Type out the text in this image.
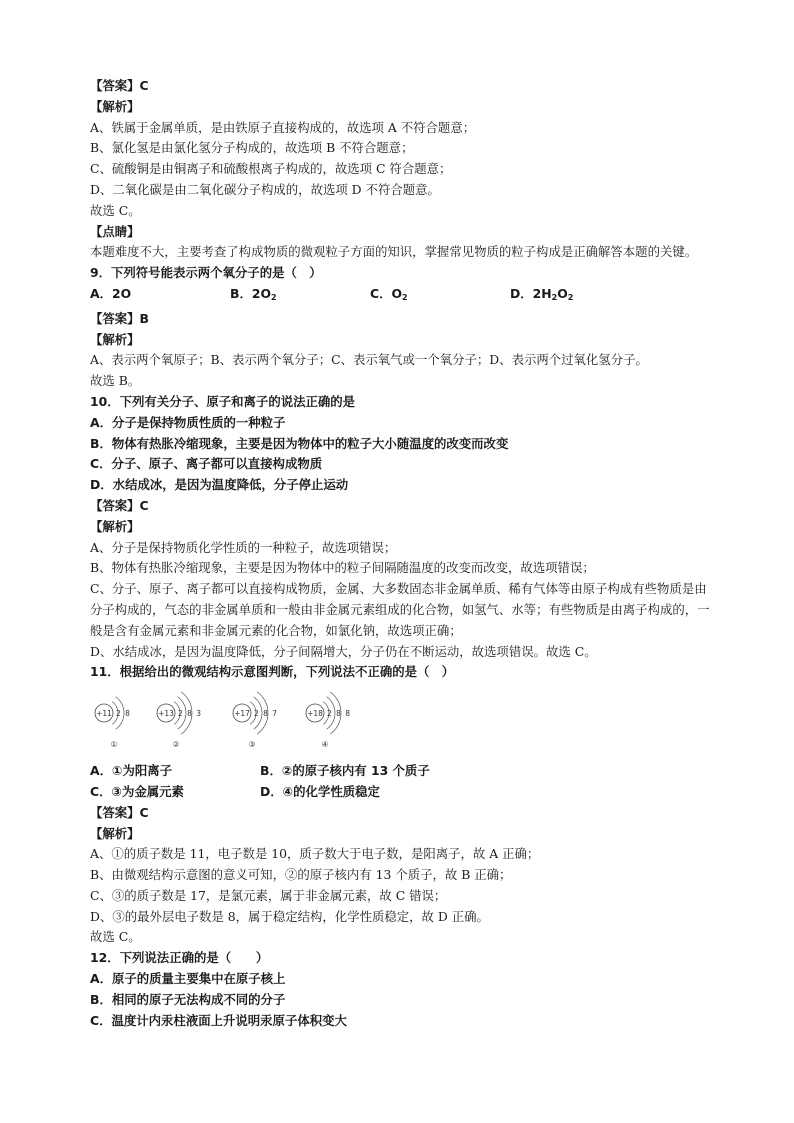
【答案】C
【解析】
A、铁属于金属单质，是由铁原子直接构成的，故选项 A 不符合题意；
B、氯化氢是由氯化氢分子构成的，故选项 B 不符合题意；
C、硫酸铜是由铜离子和硫酸根离子构成的，故选项 C 符合题意；
D、二氧化碳是由二氧化碳分子构成的，故选项 D 不符合题意。
故选 C。
【点睛】
本题难度不大，主要考查了构成物质的微观粒子方面的知识，掌握常见物质的粒子构成是正确解答本题的关键。
9．下列符号能表示两个氧分子的是（　）
A．2O	B．$2O_2$	C．$O_2$	D．$2H_2O_2$
【答案】B
【解析】
A、表示两个氧原子；B、表示两个氧分子；C、表示氧气或一个氧分子；D、表示两个过氧化氢分子。
故选 B。
10．下列有关分子、原子和离子的说法正确的是
A．分子是保持物质性质的一种粒子
B．物体有热胀冷缩现象，主要是因为物体中的粒子大小随温度的改变而改变
C．分子、原子、离子都可以直接构成物质
D．水结成冰，是因为温度降低，分子停止运动
【答案】C
【解析】
A、分子是保持物质化学性质的一种粒子，故选项错误；
B、物体有热胀冷缩现象，主要是因为物体中的粒子间隔随温度的改变而改变，故选项错误；
C、分子、原子、离子都可以直接构成物质，金属、大多数固态非金属单质、稀有气体等由原子构成有些物质是由分子构成的，气态的非金属单质和一般由非金属元素组成的化合物，如氢气、水等；有些物质是由离子构成的，一般是含有金属元素和非金属元素的化合物，如氯化钠，故选项正确；
D、水结成冰，是因为温度降低，分子间隔增大，分子仍在不断运动，故选项错误。故选 C。
11．根据给出的微观结构示意图判断，下列说法不正确的是（　）
+11 2 8
①
+13 2 8 3
②
+17 2 8 7
③
+18 2 8 8
④
A．①为阳离子	B．②的原子核内有 13 个质子
C．③为金属元素	D．④的化学性质稳定
【答案】C
【解析】
A、①的质子数是 11，电子数是 10，质子数大于电子数，是阳离子，故 A 正确；
B、由微观结构示意图的意义可知，②的原子核内有 13 个质子，故 B 正确；
C、③的质子数是 17，是氯元素，属于非金属元素，故 C 错误；
D、③的最外层电子数是 8，属于稳定结构，化学性质稳定，故 D 正确。
故选 C。
12．下列说法正确的是（　　）
A．原子的质量主要集中在原子核上
B．相同的原子无法构成不同的分子
C．温度计内汞柱液面上升说明汞原子体积变大
